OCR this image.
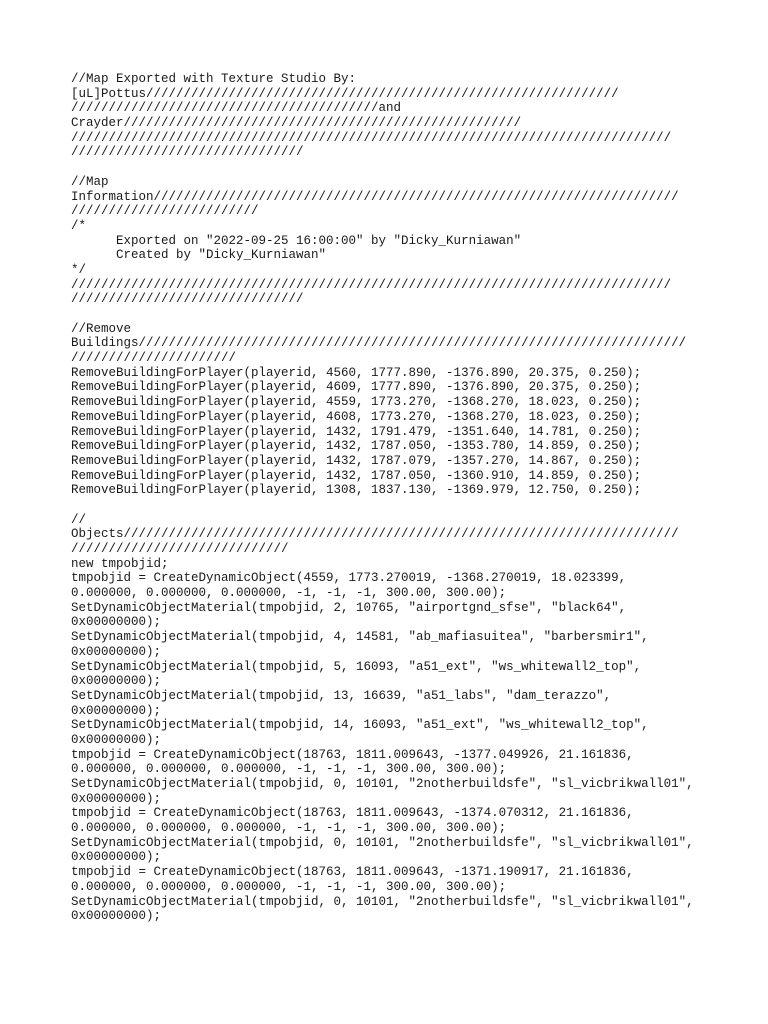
//Map Exported with Texture Studio By:
[uL]Pottus///////////////////////////////////////////////////////////////
/////////////////////////////////////////and
Crayder/////////////////////////////////////////////////////
////////////////////////////////////////////////////////////////////////////////
///////////////////////////////
//Map
Information//////////////////////////////////////////////////////////////////////
/////////////////////////
/*
Exported on "2022-09-25 16:00:00" by "Dicky_Kurniawan"
Created by "Dicky_Kurniawan"
*/
////////////////////////////////////////////////////////////////////////////////
///////////////////////////////
//Remove
Buildings/////////////////////////////////////////////////////////////////////////
//////////////////////
RemoveBuildingForPlayer(playerid, 4560, 1777.890, -1376.890, 20.375, 0.250);
RemoveBuildingForPlayer(playerid, 4609, 1777.890, -1376.890, 20.375, 0.250);
RemoveBuildingForPlayer(playerid, 4559, 1773.270, -1368.270, 18.023, 0.250);
RemoveBuildingForPlayer(playerid, 4608, 1773.270, -1368.270, 18.023, 0.250);
RemoveBuildingForPlayer(playerid, 1432, 1791.479, -1351.640, 14.781, 0.250);
RemoveBuildingForPlayer(playerid, 1432, 1787.050, -1353.780, 14.859, 0.250);
RemoveBuildingForPlayer(playerid, 1432, 1787.079, -1357.270, 14.867, 0.250);
RemoveBuildingForPlayer(playerid, 1432, 1787.050, -1360.910, 14.859, 0.250);
RemoveBuildingForPlayer(playerid, 1308, 1837.130, -1369.979, 12.750, 0.250);
//
Objects//////////////////////////////////////////////////////////////////////////
/////////////////////////////
new tmpobjid;
tmpobjid = CreateDynamicObject(4559, 1773.270019, -1368.270019, 18.023399,
0.000000, 0.000000, 0.000000, -1, -1, -1, 300.00, 300.00);
SetDynamicObjectMaterial(tmpobjid, 2, 10765, "airportgnd_sfse", "black64",
0x00000000);
SetDynamicObjectMaterial(tmpobjid, 4, 14581, "ab_mafiasuitea", "barbersmir1",
0x00000000);
SetDynamicObjectMaterial(tmpobjid, 5, 16093, "a51_ext", "ws_whitewall2_top",
0x00000000);
SetDynamicObjectMaterial(tmpobjid, 13, 16639, "a51_labs", "dam_terazzo",
0x00000000);
SetDynamicObjectMaterial(tmpobjid, 14, 16093, "a51_ext", "ws_whitewall2_top",
0x00000000);
tmpobjid = CreateDynamicObject(18763, 1811.009643, -1377.049926, 21.161836,
0.000000, 0.000000, 0.000000, -1, -1, -1, 300.00, 300.00);
SetDynamicObjectMaterial(tmpobjid, 0, 10101, "2notherbuildsfe", "sl_vicbrikwall01",
0x00000000);
tmpobjid = CreateDynamicObject(18763, 1811.009643, -1374.070312, 21.161836,
0.000000, 0.000000, 0.000000, -1, -1, -1, 300.00, 300.00);
SetDynamicObjectMaterial(tmpobjid, 0, 10101, "2notherbuildsfe", "sl_vicbrikwall01",
0x00000000);
tmpobjid = CreateDynamicObject(18763, 1811.009643, -1371.190917, 21.161836,
0.000000, 0.000000, 0.000000, -1, -1, -1, 300.00, 300.00);
SetDynamicObjectMaterial(tmpobjid, 0, 10101, "2notherbuildsfe", "sl_vicbrikwall01",
0x00000000);
